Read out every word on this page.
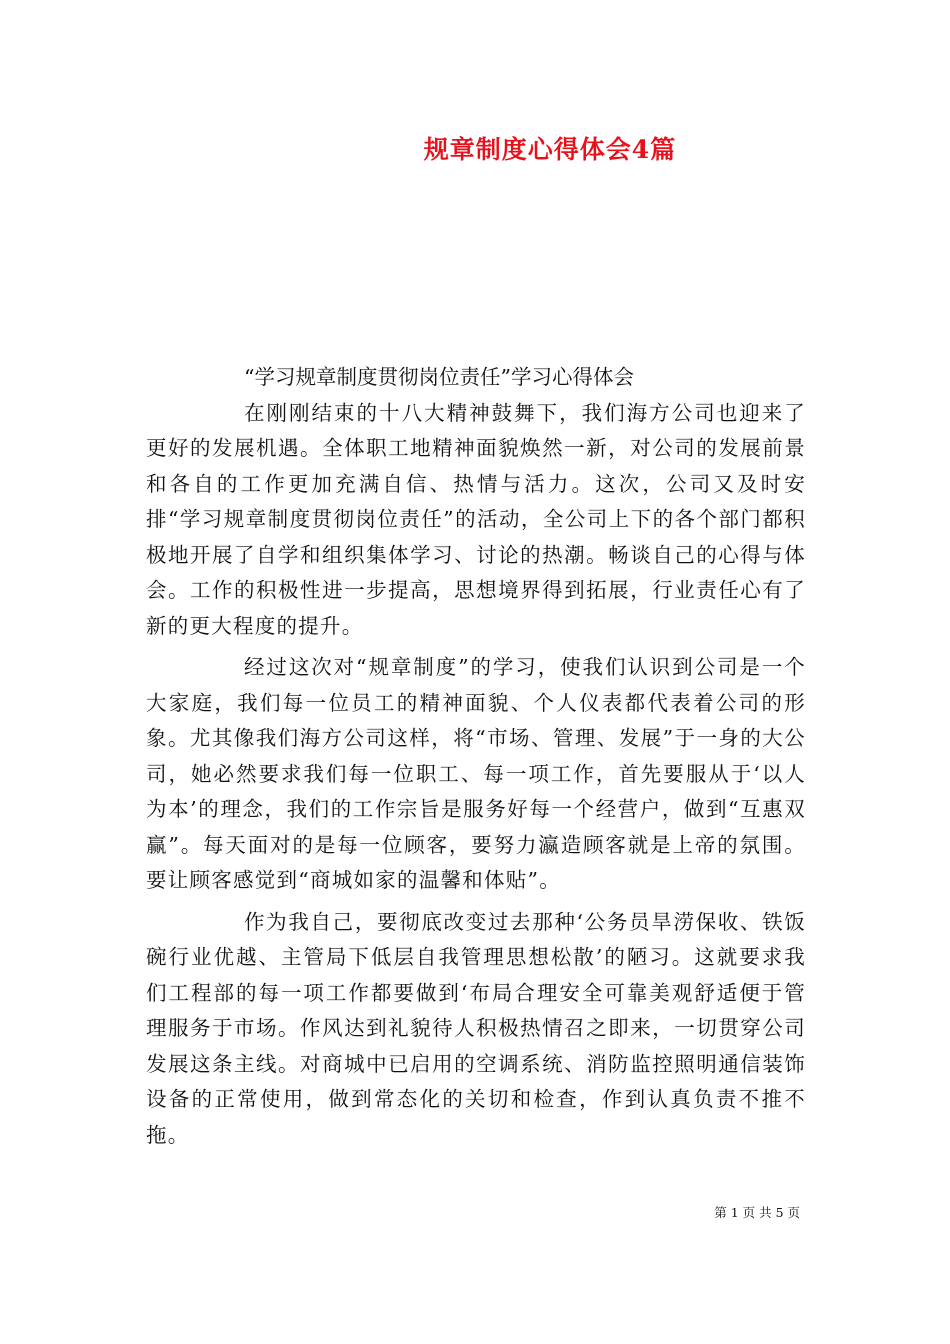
规章制度心得体会4篇

“学习规章制度贯彻岗位责任”学习心得体会

在刚刚结束的十八大精神鼓舞下，我们海方公司也迎来了更好的发展机遇。全体职工地精神面貌焕然一新，对公司的发展前景和各自的工作更加充满自信、热情与活力。这次，公司又及时安排“学习规章制度贯彻岗位责任”的活动，全公司上下的各个部门都积极地开展了自学和组织集体学习、讨论的热潮。畅谈自己的心得与体会。工作的积极性进一步提高，思想境界得到拓展，行业责任心有了新的更大程度的提升。

经过这次对“规章制度”的学习，使我们认识到公司是一个大家庭，我们每一位员工的精神面貌、个人仪表都代表着公司的形象。尤其像我们海方公司这样，将“市场、管理、发展”于一身的大公司，她必然要求我们每一位职工、每一项工作，首先要服从于‘以人为本’的理念，我们的工作宗旨是服务好每一个经营户，做到“互惠双赢”。每天面对的是每一位顾客，要努力瀛造顾客就是上帝的氛围。要让顾客感觉到“商城如家的温馨和体贴”。

作为我自己，要彻底改变过去那种‘公务员旱涝保收、铁饭碗行业优越、主管局下低层自我管理思想松散’的陋习。这就要求我们工程部的每一项工作都要做到‘布局合理安全可靠美观舒适便于管理服务于市场。作风达到礼貌待人积极热情召之即来，一切贯穿公司发展这条主线。对商城中已启用的空调系统、消防监控照明通信装饰设备的正常使用，做到常态化的关切和检查，作到认真负责不推不拖。

第 1 页 共 5 页
